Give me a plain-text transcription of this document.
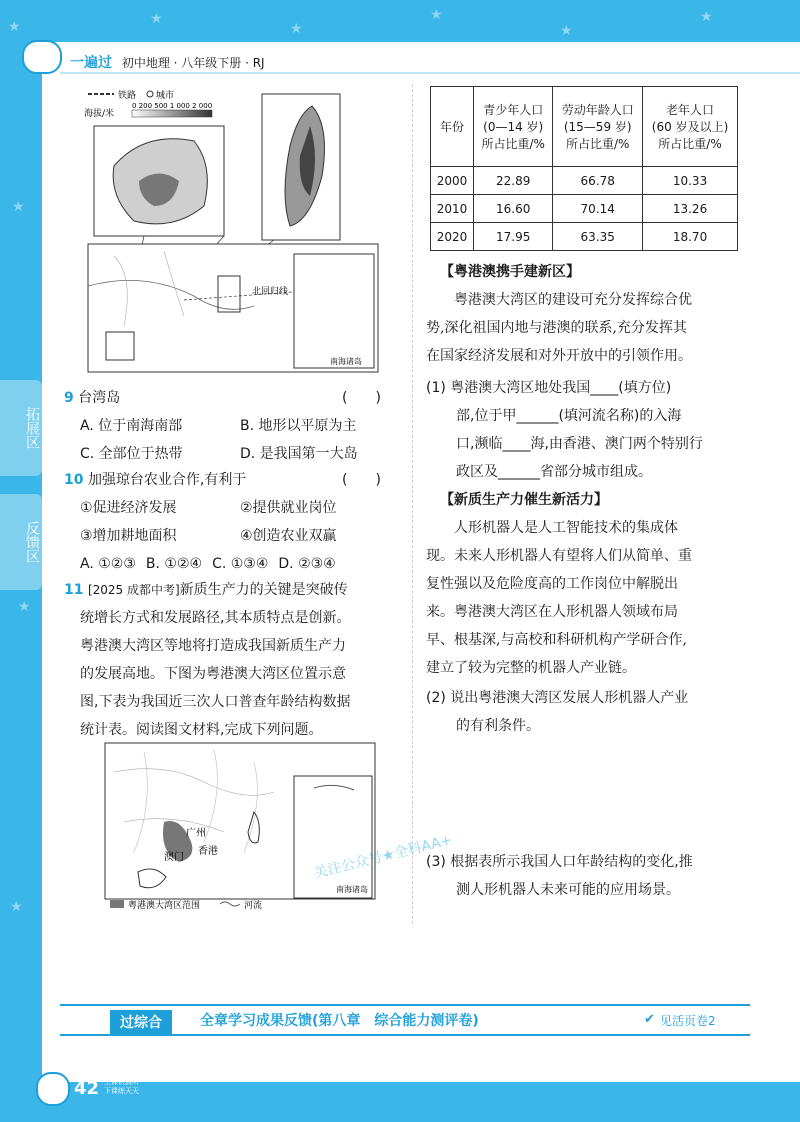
★	★
★
★
★
★
★
★
★
一遍过 初中地理 · 八年级下册 · RJ
拓展区
反馈区
铁路 城市
海拔/米
0 200 500 1 000 2 000
北回归线
南海诸岛
9 台湾岛	(　　)
A. 位于南海南部	B. 地形以平原为主
C. 全部位于热带	D. 是我国第一大岛
10 加强琼台农业合作,有利于	(　　)
①促进经济发展	②提供就业岗位
③增加耕地面积	④创造农业双赢
A. ①②③ B. ①②④ C. ①③④ D. ②③④
11 [2025 成都中考]新质生产力的关键是突破传
统增长方式和发展路径,其本质特点是创新。
粤港澳大湾区等地将打造成我国新质生产力
的发展高地。下图为粤港澳大湾区位置示意
图,下表为我国近三次人口普查年龄结构数据
统计表。阅读图文材料,完成下列问题。
广州
澳门
香港
南海诸岛
粤港澳大湾区范围	河流
年份	青少年人口
(0—14 岁)
所占比重/%	劳动年龄人口
(15—59 岁)
所占比重/%	老年人口
(60 岁及以上)
所占比重/%
2000	22.89	66.78	10.33
2010	16.60	70.14	13.26
2020	17.95	63.35	18.70
【粤港澳携手建新区】
粤港澳大湾区的建设可充分发挥综合优
势,深化祖国内地与港澳的联系,充分发挥其
在国家经济发展和对外开放中的引领作用。
(1) 粤港澳大湾区地处我国____(填方位)
部,位于甲______(填河流名称)的入海
口,濒临____海,由香港、澳门两个特别行
政区及______省部分城市组成。
【新质生产力催生新活力】
人形机器人是人工智能技术的集成体
现。未来人形机器人有望将人们从简单、重
复性强以及危险度高的工作岗位中解脱出
来。粤港澳大湾区在人形机器人领域布局
早、根基深,与高校和科研机构产学研合作,
建立了较为完整的机器人产业链。
(2) 说出粤港澳大湾区发展人形机器人产业
的有利条件。
(3) 根据表所示我国人口年龄结构的变化,推
测人形机器人未来可能的应用场景。
关注公众号★全科AA+
过综合	全章学习成果反馈(第八章　综合能力测评卷)	✔ 见活页卷2
42 上课认真听
下课练天天
